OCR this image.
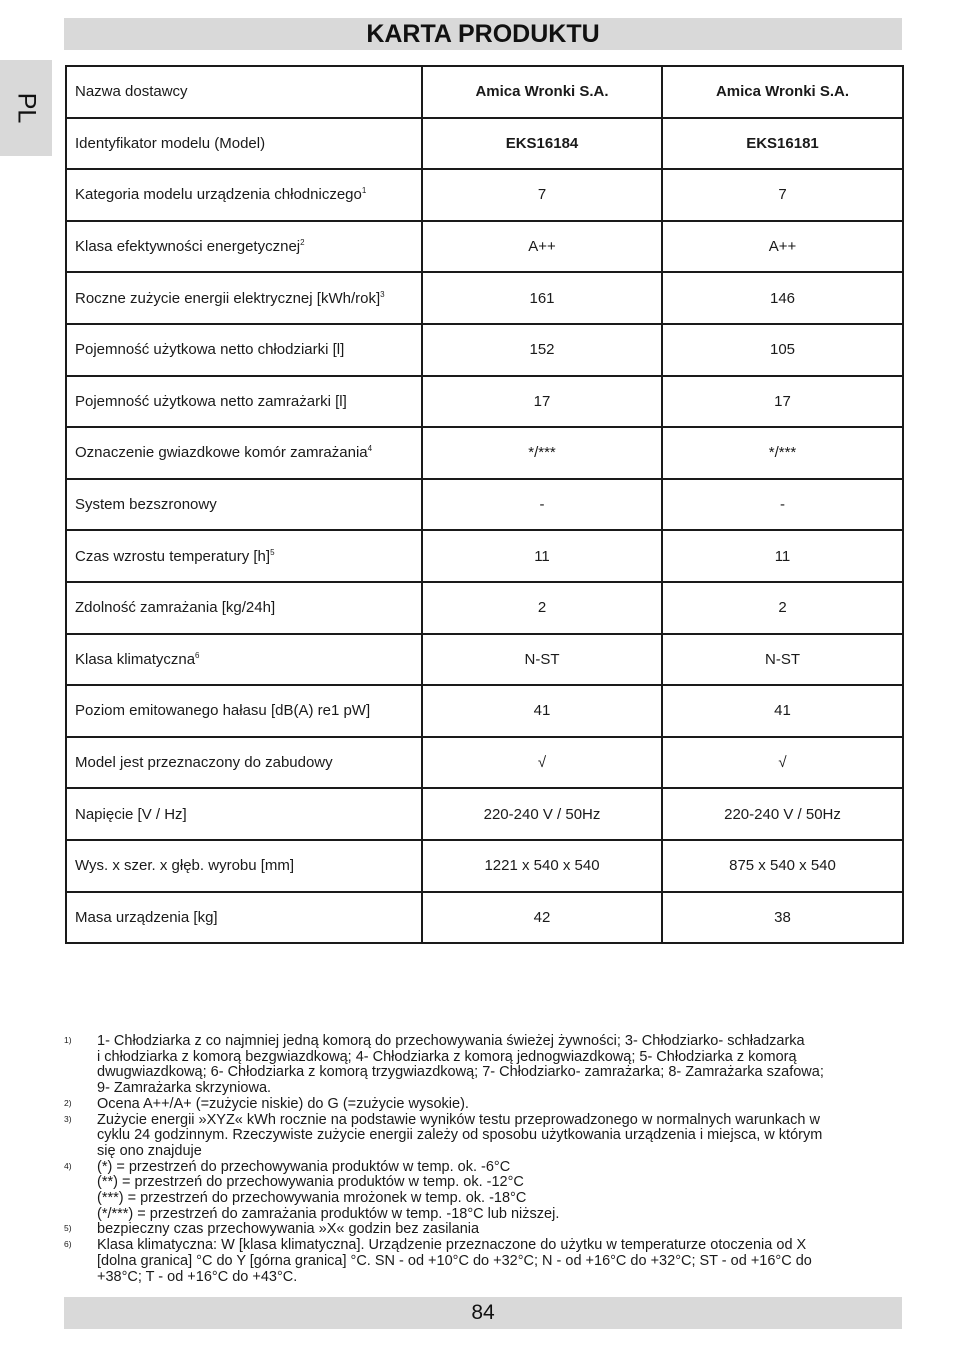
KARTA PRODUKTU
PL
Nazwa dostawcy	Amica Wronki S.A.	Amica Wronki S.A.
Identyfikator modelu (Model)	EKS16184	EKS16181
Kategoria modelu urządzenia chłodniczego$^1$	7	7
Klasa efektywności energetycznej$^2$	A++	A++
Roczne zużycie energii elektrycznej $[kWh/rok]^3$	161	146
Pojemność użytkowa netto chłodziarki [l]	152	105
Pojemność użytkowa netto zamrażarki [l]	17	17
Oznaczenie gwiazdkowe komór zamrażania$^4$	*/***	*/***
System bezszronowy	-	-
Czas wzrostu temperatury $[h]^5$	11	11
Zdolność zamrażania [kg/24h]	2	2
Klasa klimatyczna$^6$	N-ST	N-ST
Poziom emitowanego hałasu [dB(A) re1 pW]	41	41
Model jest przeznaczony do zabudowy	√	√
Napięcie [V / Hz]	220-240 V / 50Hz	220-240 V / 50Hz
Wys. x szer. x głęb. wyrobu [mm]	1221 x 540 x 540	875 x 540 x 540
Masa urządzenia [kg]	42	38
1) 1- Chłodziarka z co najmniej jedną komorą do przechowywania świeżej żywności; 3- Chłodziarko- schładzarka
i chłodziarka z komorą bezgwiazdkową; 4- Chłodziarka z komorą jednogwiazdkową; 5- Chłodziarka z komorą
dwugwiazdkową; 6- Chłodziarka z komorą trzygwiazdkową; 7- Chłodziarko- zamrażarka; 8- Zamrażarka szafowa;
9- Zamrażarka skrzyniowa.
2) Ocena A++/A+ (=zużycie niskie) do G (=zużycie wysokie).
3) Zużycie energii »XYZ« kWh rocznie na podstawie wyników testu przeprowadzonego w normalnych warunkach w
cyklu 24 godzinnym. Rzeczywiste zużycie energii zależy od sposobu użytkowania urządzenia i miejsca, w którym
się ono znajduje
4) (*) = przestrzeń do przechowywania produktów w temp. ok. -6°C
(**) = przestrzeń do przechowywania produktów w temp. ok. -12°C
(***) = przestrzeń do przechowywania mrożonek w temp. ok. -18°C
(*/***) = przestrzeń do zamrażania produktów w temp. -18°C lub niższej.
5) bezpieczny czas przechowywania »X« godzin bez zasilania
6) Klasa klimatyczna: W [klasa klimatyczna]. Urządzenie przeznaczone do użytku w temperaturze otoczenia od X
[dolna granica] °C do Y [górna granica] °C. SN - od +10°C do +32°C; N - od +16°C do +32°C; ST - od +16°C do
+38°C; T - od +16°C do +43°C.
84
